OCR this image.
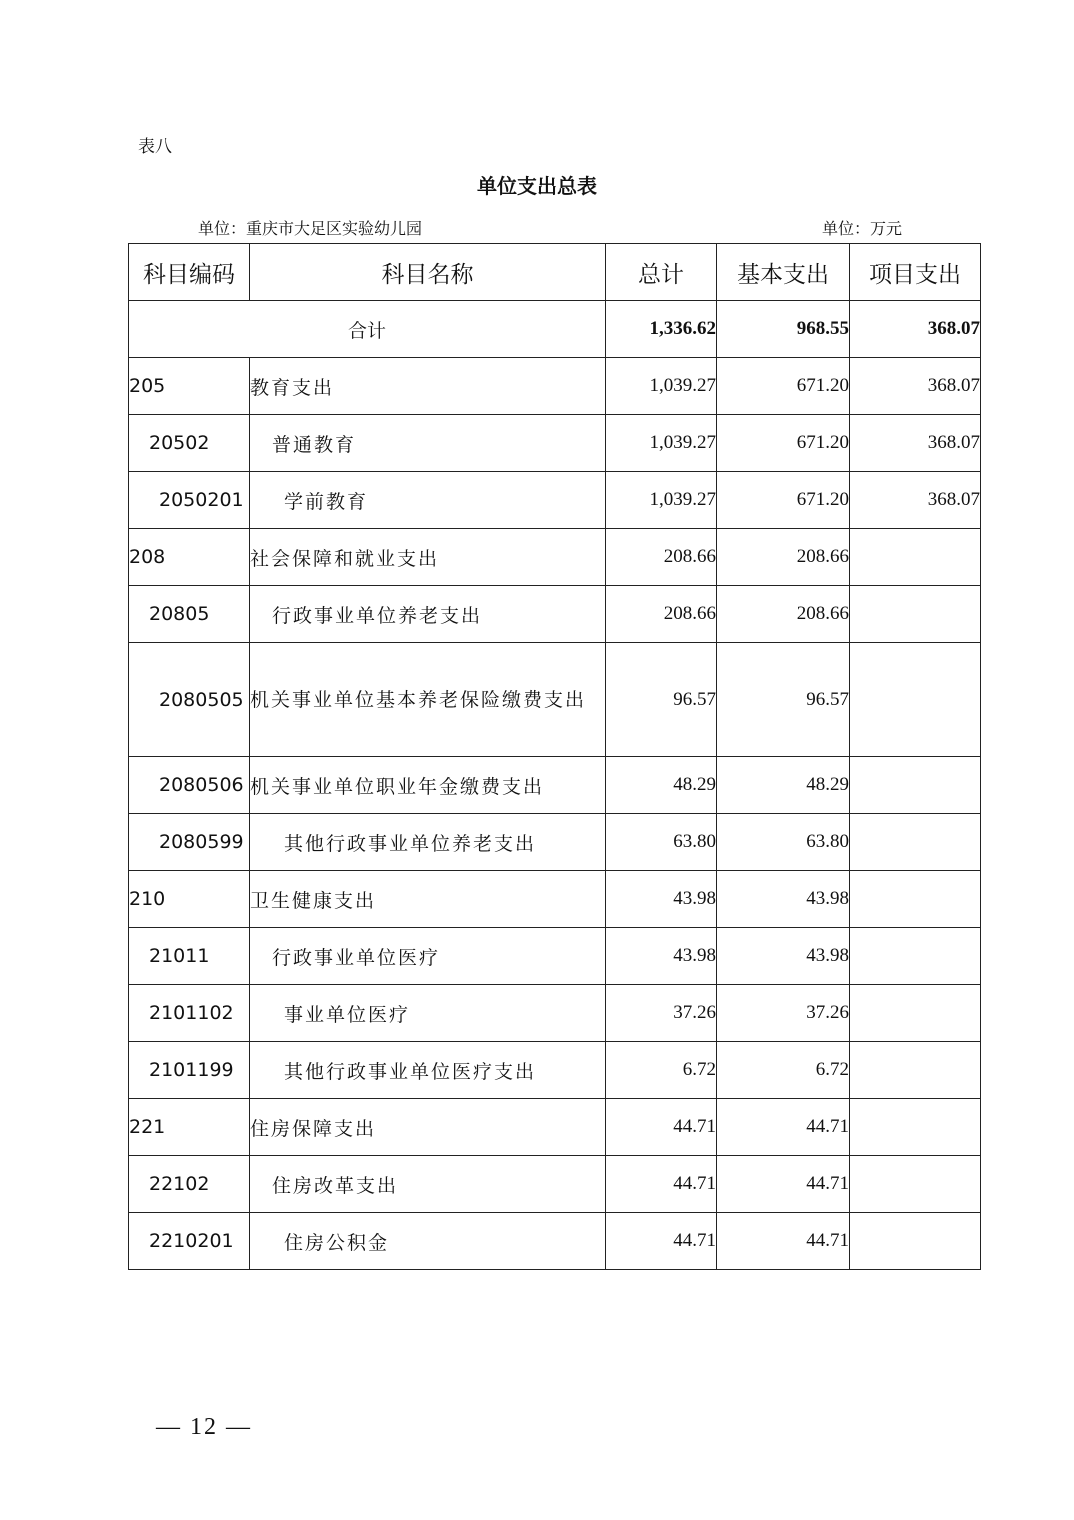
表八
单位支出总表
单位：重庆市大足区实验幼儿园	单位：万元
科目编码	科目名称	总计	基本支出	项目支出
合计		1,336.62	968.55	368.07
205	教育支出	1,039.27	671.20	368.07
20502	普通教育	1,039.27	671.20	368.07
2050201	学前教育	1,039.27	671.20	368.07
208	社会保障和就业支出	208.66	208.66	
20805	行政事业单位养老支出	208.66	208.66	
2080505	机关事业单位基本养老保险缴费支出	96.57	96.57	
2080506	机关事业单位职业年金缴费支出	48.29	48.29	
2080599	其他行政事业单位养老支出	63.80	63.80	
210	卫生健康支出	43.98	43.98	
21011	行政事业单位医疗	43.98	43.98	
2101102	事业单位医疗	37.26	37.26	
2101199	其他行政事业单位医疗支出	6.72	6.72	
221	住房保障支出	44.71	44.71	
22102	住房改革支出	44.71	44.71	
2210201	住房公积金	44.71	44.71	
— 12 —
